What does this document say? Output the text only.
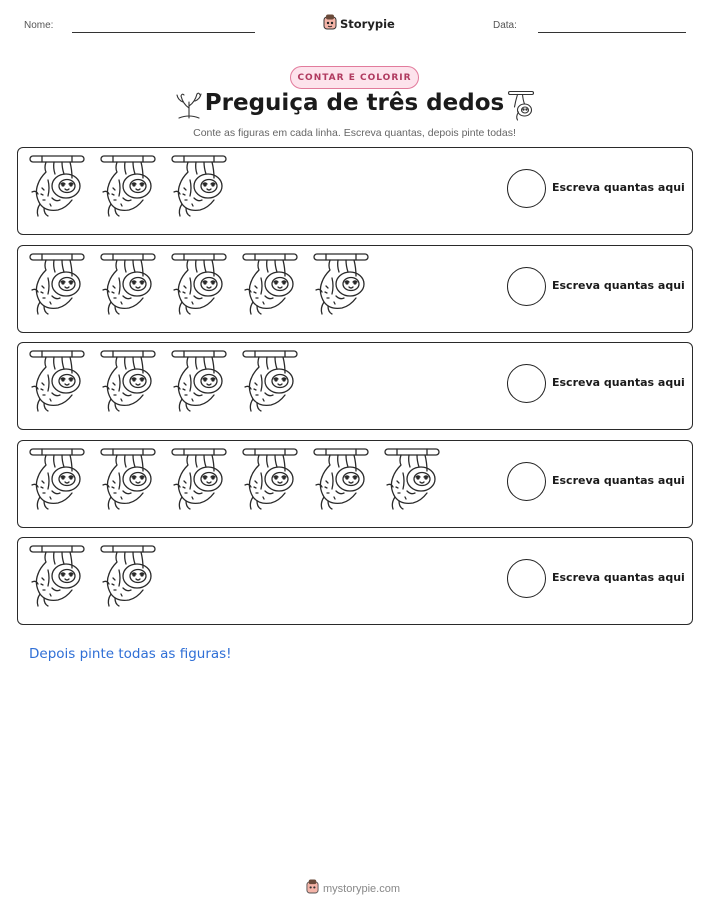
Nome:	Storypie	Data:
CONTAR E COLORIR
Preguiça de três dedos
Conte as figuras em cada linha. Escreva quantas, depois pinte todas!
Escreva quantas aqui
Escreva quantas aqui
Escreva quantas aqui
Escreva quantas aqui
Escreva quantas aqui
Depois pinte todas as figuras!
mystorypie.com
